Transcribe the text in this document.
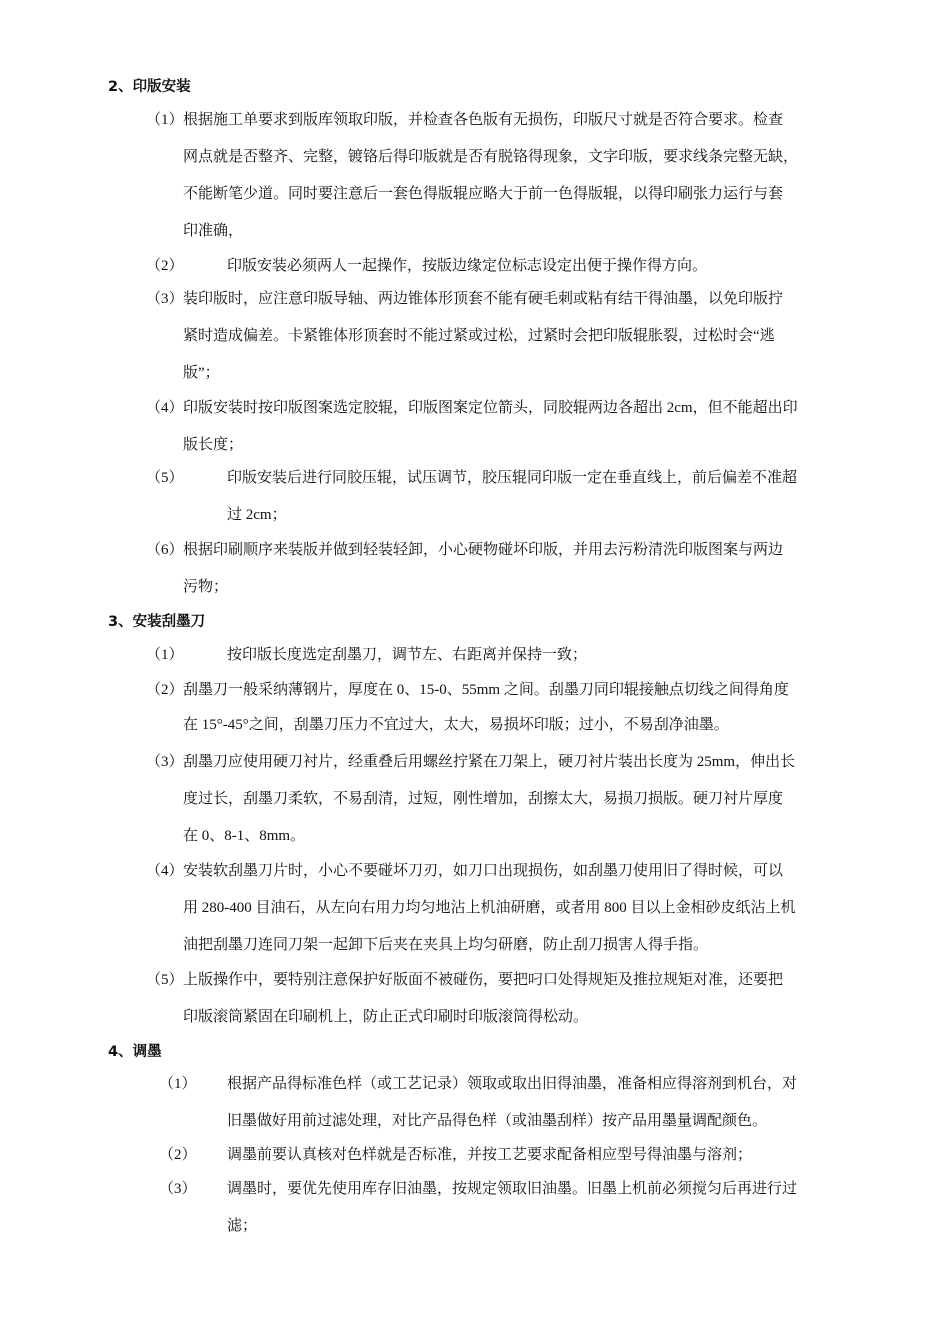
2、印版安装
（1） 根据施工单要求到版库领取印版，并检查各色版有无损伤，印版尺寸就是否符合要求。检查
网点就是否整齐、完整，镀铬后得印版就是否有脱铬得现象，文字印版，要求线条完整无缺，
不能断笔少道。同时要注意后一套色得版辊应略大于前一色得版辊，以得印刷张力运行与套
印准确，
（2）	印版安装必须两人一起操作，按版边缘定位标志设定出便于操作得方向。
（3） 装印版时，应注意印版导轴、两边锥体形顶套不能有硬毛刺或粘有结干得油墨，以免印版拧
紧时造成偏差。卡紧锥体形顶套时不能过紧或过松，过紧时会把印版辊胀裂，过松时会“逃
版”；
（4） 印版安装时按印版图案选定胶辊，印版图案定位箭头，同胶辊两边各超出 2cm，但不能超出印
版长度；
（5）	印版安装后进行同胶压辊，试压调节，胶压辊同印版一定在垂直线上，前后偏差不准超
过 2cm；
（6） 根据印刷顺序来装版并做到轻装轻卸，小心硬物碰坏印版，并用去污粉清洗印版图案与两边
污物；
3、安装刮墨刀
（1）	按印版长度选定刮墨刀，调节左、右距离并保持一致；
（2） 刮墨刀一般采纳薄钢片，厚度在 0、15-0、55mm 之间。刮墨刀同印辊接触点切线之间得角度
在 15°-45°之间，刮墨刀压力不宜过大，太大，易损坏印版；过小，不易刮净油墨。
（3） 刮墨刀应使用硬刀衬片，经重叠后用螺丝拧紧在刀架上，硬刀衬片装出长度为 25mm，伸出长
度过长，刮墨刀柔软，不易刮清，过短，刚性增加，刮擦太大，易损刀损版。硬刀衬片厚度
在 0、8-1、8mm。
（4） 安装软刮墨刀片时，小心不要碰坏刀刃，如刀口出现损伤，如刮墨刀使用旧了得时候，可以
用 280-400 目油石，从左向右用力均匀地沾上机油研磨，或者用 800 目以上金相砂皮纸沾上机
油把刮墨刀连同刀架一起卸下后夹在夹具上均匀研磨，防止刮刀损害人得手指。
（5） 上版操作中，要特别注意保护好版面不被碰伤，要把叼口处得规矩及推拉规矩对准，还要把
印版滚筒紧固在印刷机上，防止正式印刷时印版滚筒得松动。
4、调墨
（1） 根据产品得标准色样（或工艺记录）领取或取出旧得油墨，准备相应得溶剂到机台，对
旧墨做好用前过滤处理，对比产品得色样（或油墨刮样）按产品用墨量调配颜色。
（2） 调墨前要认真核对色样就是否标准，并按工艺要求配备相应型号得油墨与溶剂；
（3） 调墨时，要优先使用库存旧油墨，按规定领取旧油墨。旧墨上机前必须搅匀后再进行过
滤；
